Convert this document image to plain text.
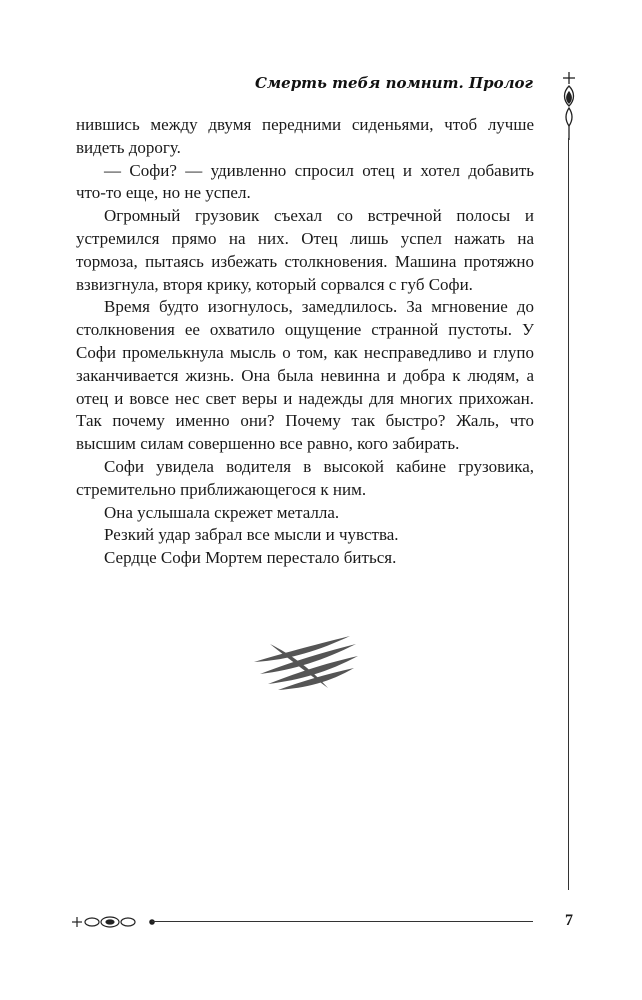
Смерть тебя помнит. Пролог

нившись между двумя передними сиденьями, чтоб лучше видеть дорогу.

— Софи? — удивленно спросил отец и хотел добавить что-то еще, но не успел.

Огромный грузовик съехал со встречной полосы и устремился прямо на них. Отец лишь успел нажать на тормоза, пытаясь избежать столкновения. Машина протяжно взвизгнула, вторя крику, который сорвался с губ Софи.

Время будто изогнулось, замедлилось. За мгновение до столкновения ее охватило ощущение странной пустоты. У Софи промелькнула мысль о том, как несправедливо и глупо заканчивается жизнь. Она была невинна и добра к людям, а отец и вовсе нес свет веры и надежды для многих прихожан. Так почему именно они? Почему так быстро? Жаль, что высшим силам совершенно все равно, кого забирать.

Софи увидела водителя в высокой кабине грузовика, стремительно приближающегося к ним.

Она услышала скрежет металла.

Резкий удар забрал все мысли и чувства.

Сердце Софи Мортем перестало биться.

7
